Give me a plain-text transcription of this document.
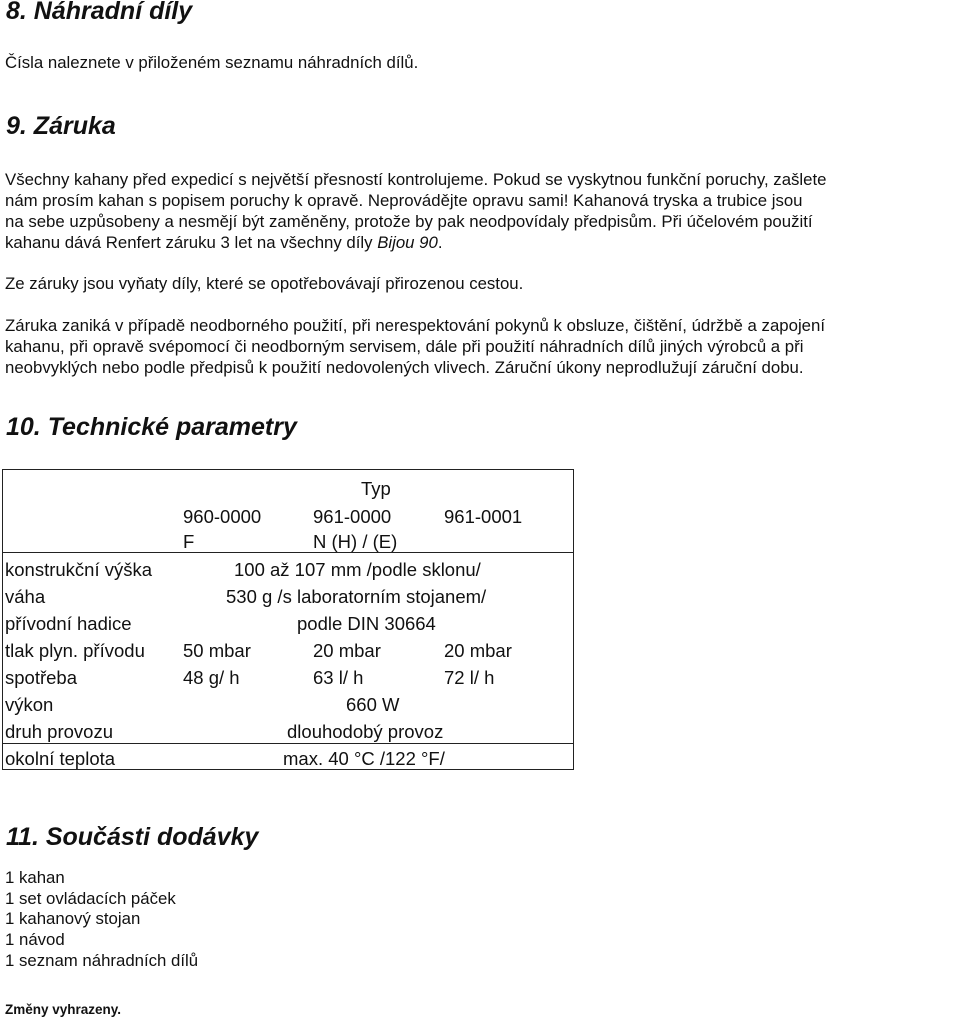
8. Náhradní díly
Čísla naleznete v přiloženém seznamu náhradních dílů.
9. Záruka
Všechny kahany před expedicí s největší přesností kontrolujeme. Pokud se vyskytnou funkční poruchy, zašlete
nám prosím kahan s popisem poruchy k opravě. Neprovádějte opravu sami! Kahanová tryska a trubice jsou
na sebe uzpůsobeny a nesmějí být zaměněny, protože by pak neodpovídaly předpisům. Při účelovém použití
kahanu dává Renfert záruku 3 let na všechny díly Bijou 90.
Ze záruky jsou vyňaty díly, které se opotřebovávají přirozenou cestou.
Záruka zaniká v případě neodborného použití, při nerespektování pokynů k obsluze, čištění, údržbě a zapojení
kahanu, při opravě svépomocí či neodborným servisem, dále při použití náhradních dílů jiných výrobců a při
neobvyklých nebo podle předpisů k použití nedovolených vlivech. Záruční úkony neprodlužují záruční dobu.
10. Technické parametry
Typ
960-0000	961-0000	961-0001
F	N (H) / (E)
konstrukční výška	100 až 107 mm /podle sklonu/
váha	530 g /s laboratorním stojanem/
přívodní hadice	podle DIN 30664
tlak plyn. přívodu 50 mbar	20 mbar	20 mbar
spotřeba	48 g/ h	63 l/ h	72 l/ h
výkon	660 W
druh provozu	dlouhodobý provoz
okolní teplota	max. 40 °C /122 °F/
11. Součásti dodávky
1 kahan
1 set ovládacích páček
1 kahanový stojan
1 návod
1 seznam náhradních dílů
Změny vyhrazeny.
